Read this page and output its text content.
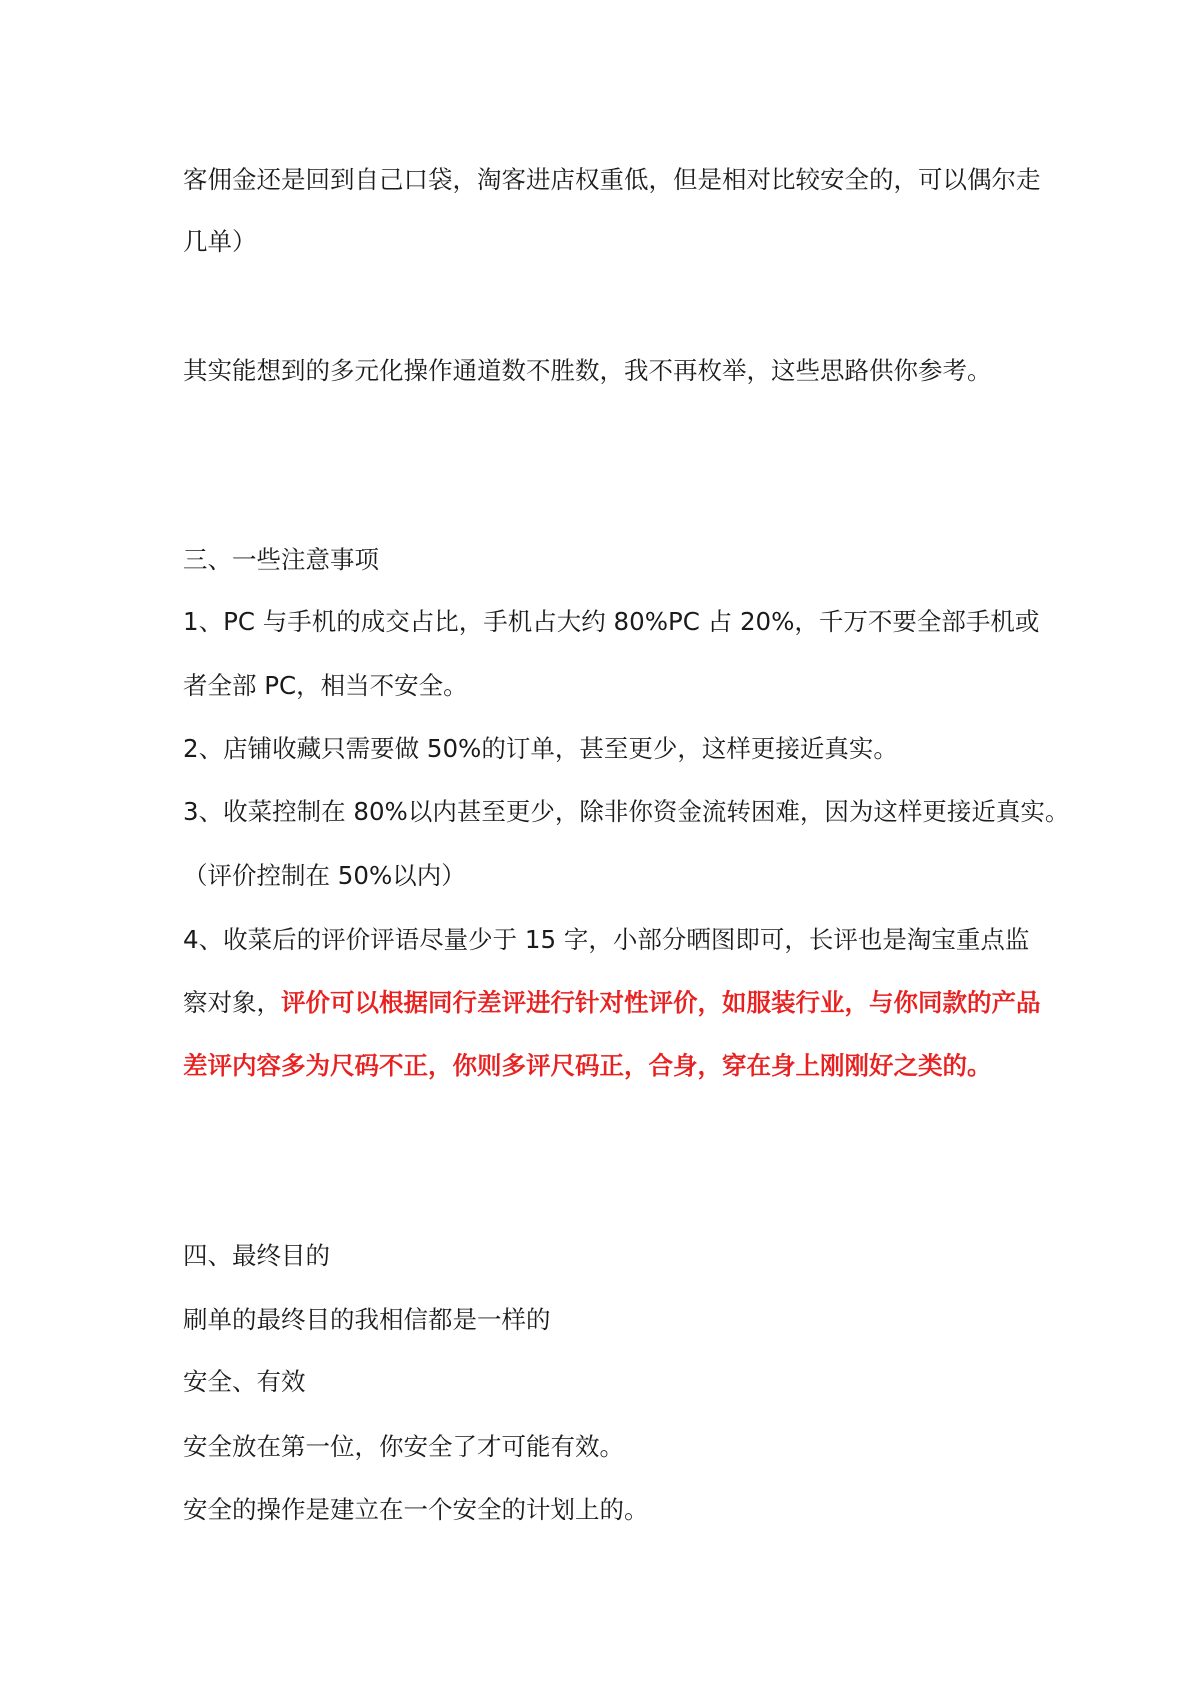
客佣金还是回到自己口袋，淘客进店权重低，但是相对比较安全的，可以偶尔走
几单）
其实能想到的多元化操作通道数不胜数，我不再枚举，这些思路供你参考。
三、一些注意事项
1、PC 与手机的成交占比，手机占大约 80%PC 占 20%，千万不要全部手机或
者全部 PC，相当不安全。
2、店铺收藏只需要做 50%的订单，甚至更少，这样更接近真实。
3、收菜控制在 80%以内甚至更少，除非你资金流转困难，因为这样更接近真实。
（评价控制在 50%以内）
4、收菜后的评价评语尽量少于 15 字，小部分晒图即可，长评也是淘宝重点监
察对象，评价可以根据同行差评进行针对性评价，如服装行业，与你同款的产品
差评内容多为尺码不正，你则多评尺码正，合身，穿在身上刚刚好之类的。
四、最终目的
刷单的最终目的我相信都是一样的
安全、有效
安全放在第一位，你安全了才可能有效。
安全的操作是建立在一个安全的计划上的。
